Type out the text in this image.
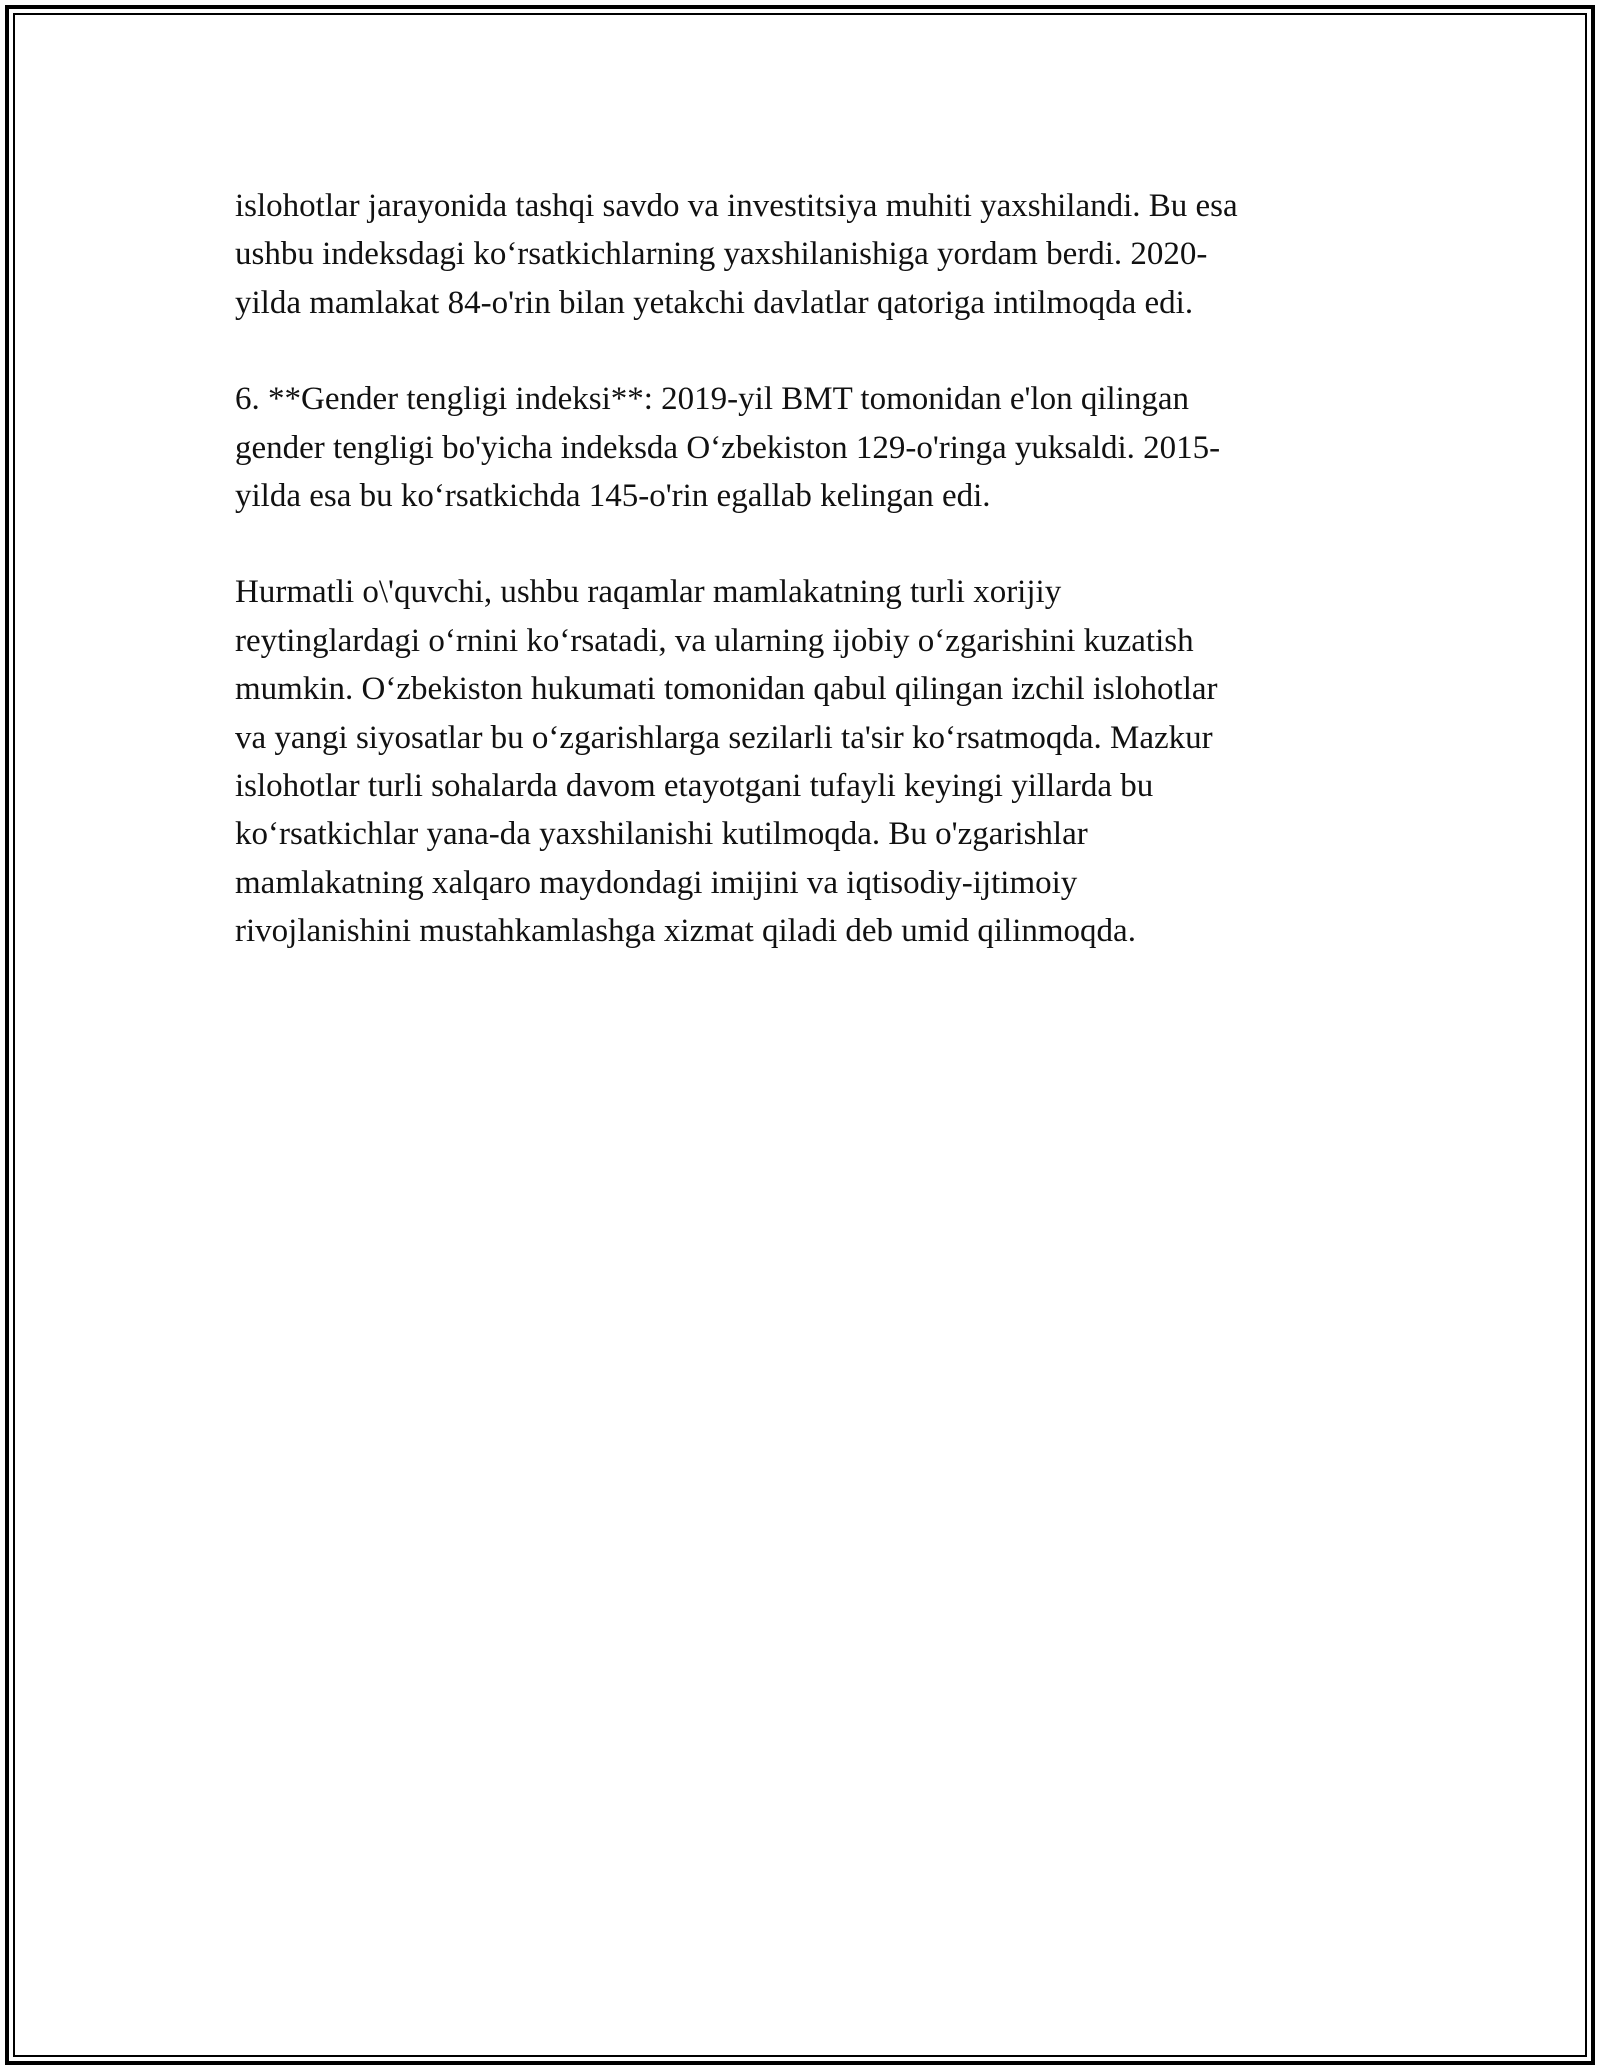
islohotlar jarayonida tashqi savdo va investitsiya muhiti yaxshilandi. Bu esa
ushbu indeksdagi ko‘rsatkichlarning yaxshilanishiga yordam berdi. 2020-
yilda mamlakat 84-o'rin bilan yetakchi davlatlar qatoriga intilmoqda edi.

6. **Gender tengligi indeksi**: 2019-yil BMT tomonidan e'lon qilingan
gender tengligi bo'yicha indeksda O‘zbekiston 129-o'ringa yuksaldi. 2015-
yilda esa bu ko‘rsatkichda 145-o'rin egallab kelingan edi.

Hurmatli o\'quvchi, ushbu raqamlar mamlakatning turli xorijiy
reytinglardagi o‘rnini ko‘rsatadi, va ularning ijobiy o‘zgarishini kuzatish
mumkin. O‘zbekiston hukumati tomonidan qabul qilingan izchil islohotlar
va yangi siyosatlar bu o‘zgarishlarga sezilarli ta'sir ko‘rsatmoqda. Mazkur
islohotlar turli sohalarda davom etayotgani tufayli keyingi yillarda bu
ko‘rsatkichlar yana-da yaxshilanishi kutilmoqda. Bu o'zgarishlar
mamlakatning xalqaro maydondagi imijini va iqtisodiy-ijtimoiy
rivojlanishini mustahkamlashga xizmat qiladi deb umid qilinmoqda.
